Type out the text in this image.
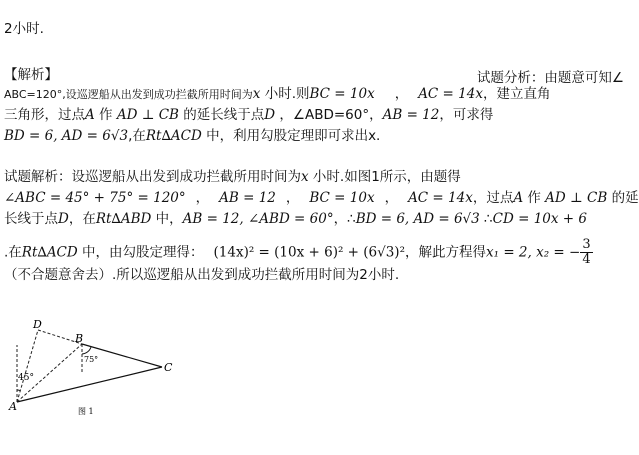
2小时.
【解析】	试题分析：由题意可知∠
ABC=120°,设巡逻船从出发到成功拦截所用时间为x 小时.则BC = 10x ， AC = 14x，建立直角
三角形，过点A 作 AD ⊥ CB 的延长线于点D ，∠ABD=60°，AB = 12，可求得
BD = 6, AD = 6√3,在Rt∆ACD 中，利用勾股定理即可求出x.
试题解析：设巡逻船从出发到成功拦截所用时间为x 小时.如图1所示，由题得
∠ABC = 45° + 75° = 120° ， AB = 12 ， BC = 10x ， AC = 14x，过点A 作 AD ⊥ CB 的延
长线于点D，在Rt∆ABD 中，AB = 12, ∠ABD = 60°，∴BD = 6, AD = 6√3 ∴CD = 10x + 6
.在Rt∆ACD 中，由勾股定理得： (14x)² = (10x + 6)² + (6√3)²，解此方程得x₁ = 2, x₂ = − $\frac{3}{4}$
（不合题意舍去）.所以巡逻船从出发到成功拦截所用时间为2小时.
D
B
C
A
45°
75°
图 1
